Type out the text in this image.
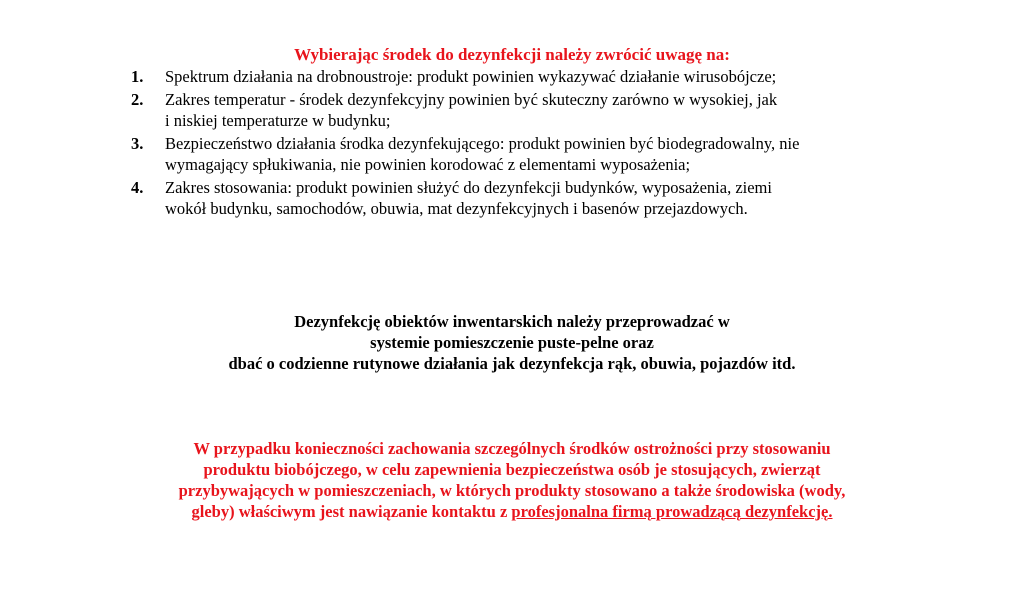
Wybierając środek do dezynfekcji należy zwrócić uwagę na:
1. Spektrum działania na drobnoustroje: produkt powinien wykazywać działanie wirusobójcze;
2. Zakres temperatur - środek dezynfekcyjny powinien być skuteczny zarówno w wysokiej, jak
i niskiej temperaturze w budynku;
3. Bezpieczeństwo działania środka dezynfekującego: produkt powinien być biodegradowalny, nie
wymagający spłukiwania, nie powinien korodować z elementami wyposażenia;
4. Zakres stosowania: produkt powinien służyć do dezynfekcji budynków, wyposażenia, ziemi
wokół budynku, samochodów, obuwia, mat dezynfekcyjnych i basenów przejazdowych.
Dezynfekcję obiektów inwentarskich należy przeprowadzać w
systemie pomieszczenie puste-pelne oraz
dbać o codzienne rutynowe działania jak dezynfekcja rąk, obuwia, pojazdów itd.
W przypadku konieczności zachowania szczególnych środków ostrożności przy stosowaniu
produktu biobójczego, w celu zapewnienia bezpieczeństwa osób je stosujących, zwierząt
przybywających w pomieszczeniach, w których produkty stosowano a także środowiska (wody,
gleby) właściwym jest nawiązanie kontaktu z profesjonalna firmą prowadzącą dezynfekcję.
